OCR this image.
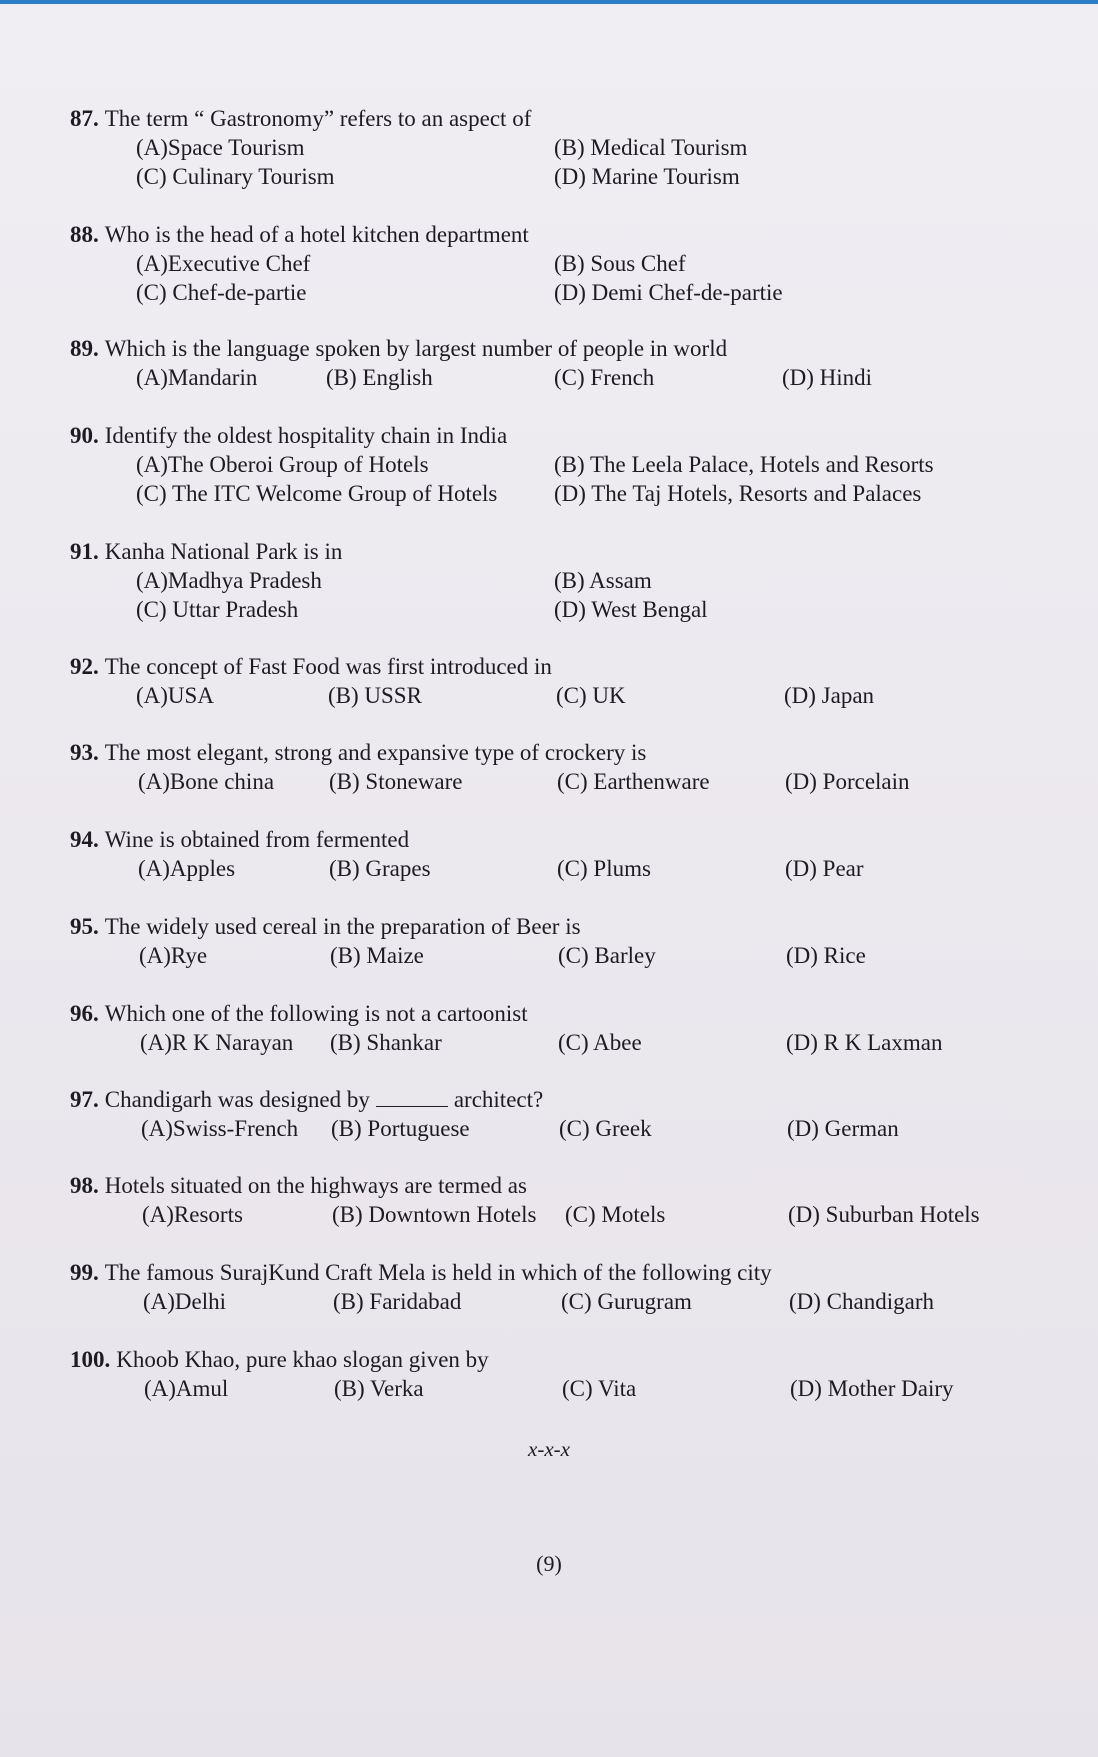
87. The term “ Gastronomy” refers to an aspect of
(A)Space Tourism	(B) Medical Tourism
(C) Culinary Tourism	(D) Marine Tourism
88. Who is the head of a hotel kitchen department
(A)Executive Chef	(B) Sous Chef
(C) Chef-de-partie	(D) Demi Chef-de-partie
89. Which is the language spoken by largest number of people in world
(A)Mandarin	(B) English	(C) French	(D) Hindi
90. Identify the oldest hospitality chain in India
(A)The Oberoi Group of Hotels	(B) The Leela Palace, Hotels and Resorts
(C) The ITC Welcome Group of Hotels (D) The Taj Hotels, Resorts and Palaces
91. Kanha National Park is in
(A)Madhya Pradesh	(B) Assam
(C) Uttar Pradesh	(D) West Bengal
92. The concept of Fast Food was first introduced in
(A)USA	(B) USSR	(C) UK	(D) Japan
93. The most elegant, strong and expansive type of crockery is
(A)Bone china (B) Stoneware	(C) Earthenware	(D) Porcelain
94. Wine is obtained from fermented
(A)Apples	(B) Grapes	(C) Plums	(D) Pear
95. The widely used cereal in the preparation of Beer is
(A)Rye	(B) Maize	(C) Barley	(D) Rice
96. Which one of the following is not a cartoonist
(A)R K Narayan (B) Shankar	(C) Abee	(D) R K Laxman
97. Chandigarh was designed by	architect?
(A)Swiss-French (B) Portuguese	(C) Greek	(D) German
98. Hotels situated on the highways are termed as
(A)Resorts	(B) Downtown Hotels (C) Motels	(D) Suburban Hotels
99. The famous SurajKund Craft Mela is held in which of the following city
(A)Delhi	(B) Faridabad	(C) Gurugram	(D) Chandigarh
100. Khoob Khao, pure khao slogan given by
(A)Amul	(B) Verka	(C) Vita	(D) Mother Dairy
x-x-x
(9)
